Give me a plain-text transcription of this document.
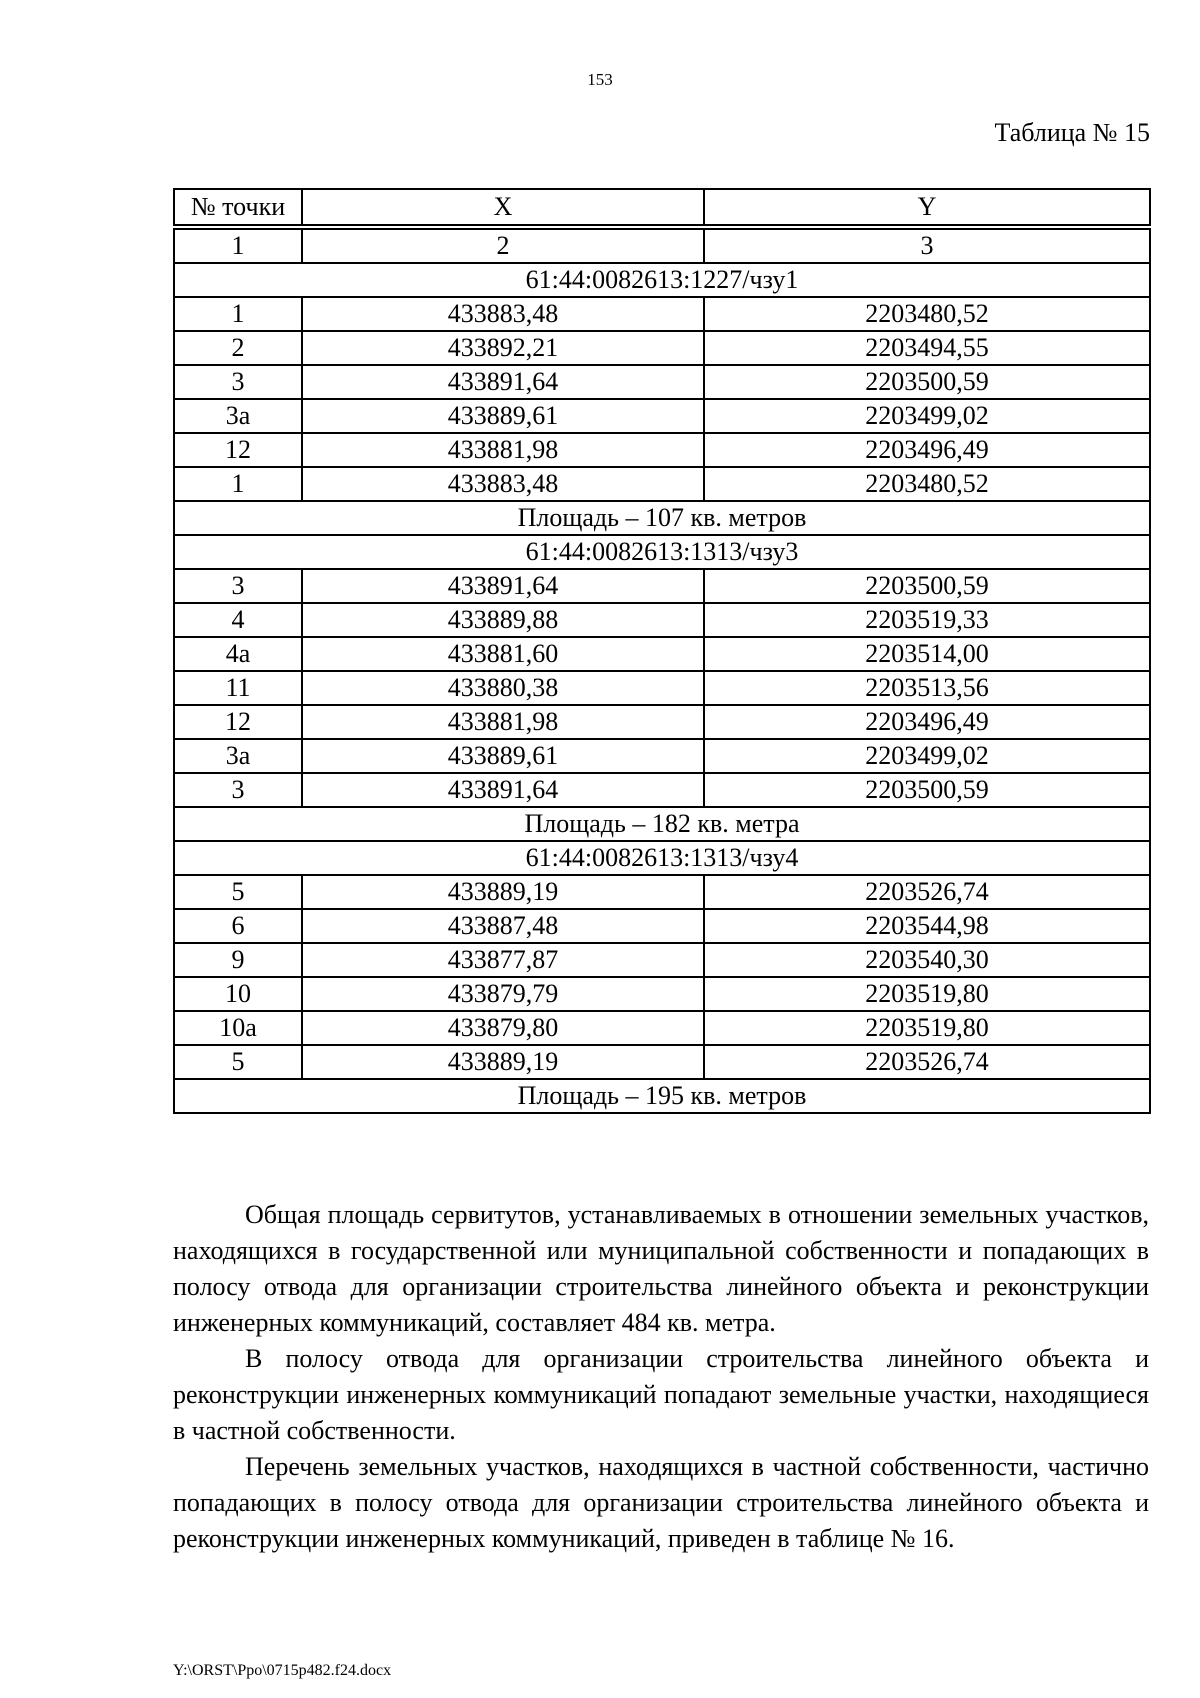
153
Таблица № 15
№ точки	X	Y
1	2	3
61:44:0082613:1227/чзу1		
1	433883,48	2203480,52
2	433892,21	2203494,55
3	433891,64	2203500,59
3а	433889,61	2203499,02
12	433881,98	2203496,49
1	433883,48	2203480,52
Площадь – 107 кв. метров		
61:44:0082613:1313/чзу3		
3	433891,64	2203500,59
4	433889,88	2203519,33
4а	433881,60	2203514,00
11	433880,38	2203513,56
12	433881,98	2203496,49
3а	433889,61	2203499,02
3	433891,64	2203500,59
Площадь – 182 кв. метра		
61:44:0082613:1313/чзу4		
5	433889,19	2203526,74
6	433887,48	2203544,98
9	433877,87	2203540,30
10	433879,79	2203519,80
10а	433879,80	2203519,80
5	433889,19	2203526,74
Площадь – 195 кв. метров		

Общая площадь сервитутов, устанавливаемых в отношении земельных участков, находящихся в государственной или муниципальной собственности и попадающих в полосу отвода для организации строительства линейного объекта и реконструкции инженерных коммуникаций, составляет 484 кв. метра.

В полосу отвода для организации строительства линейного объекта и реконструкции инженерных коммуникаций попадают земельные участки, находящиеся в частной собственности.

Перечень земельных участков, находящихся в частной собственности, частично попадающих в полосу отвода для организации строительства линейного объекта и реконструкции инженерных коммуникаций, приведен в таблице № 16.

Y:\ORST\Ppo\0715p482.f24.docx
